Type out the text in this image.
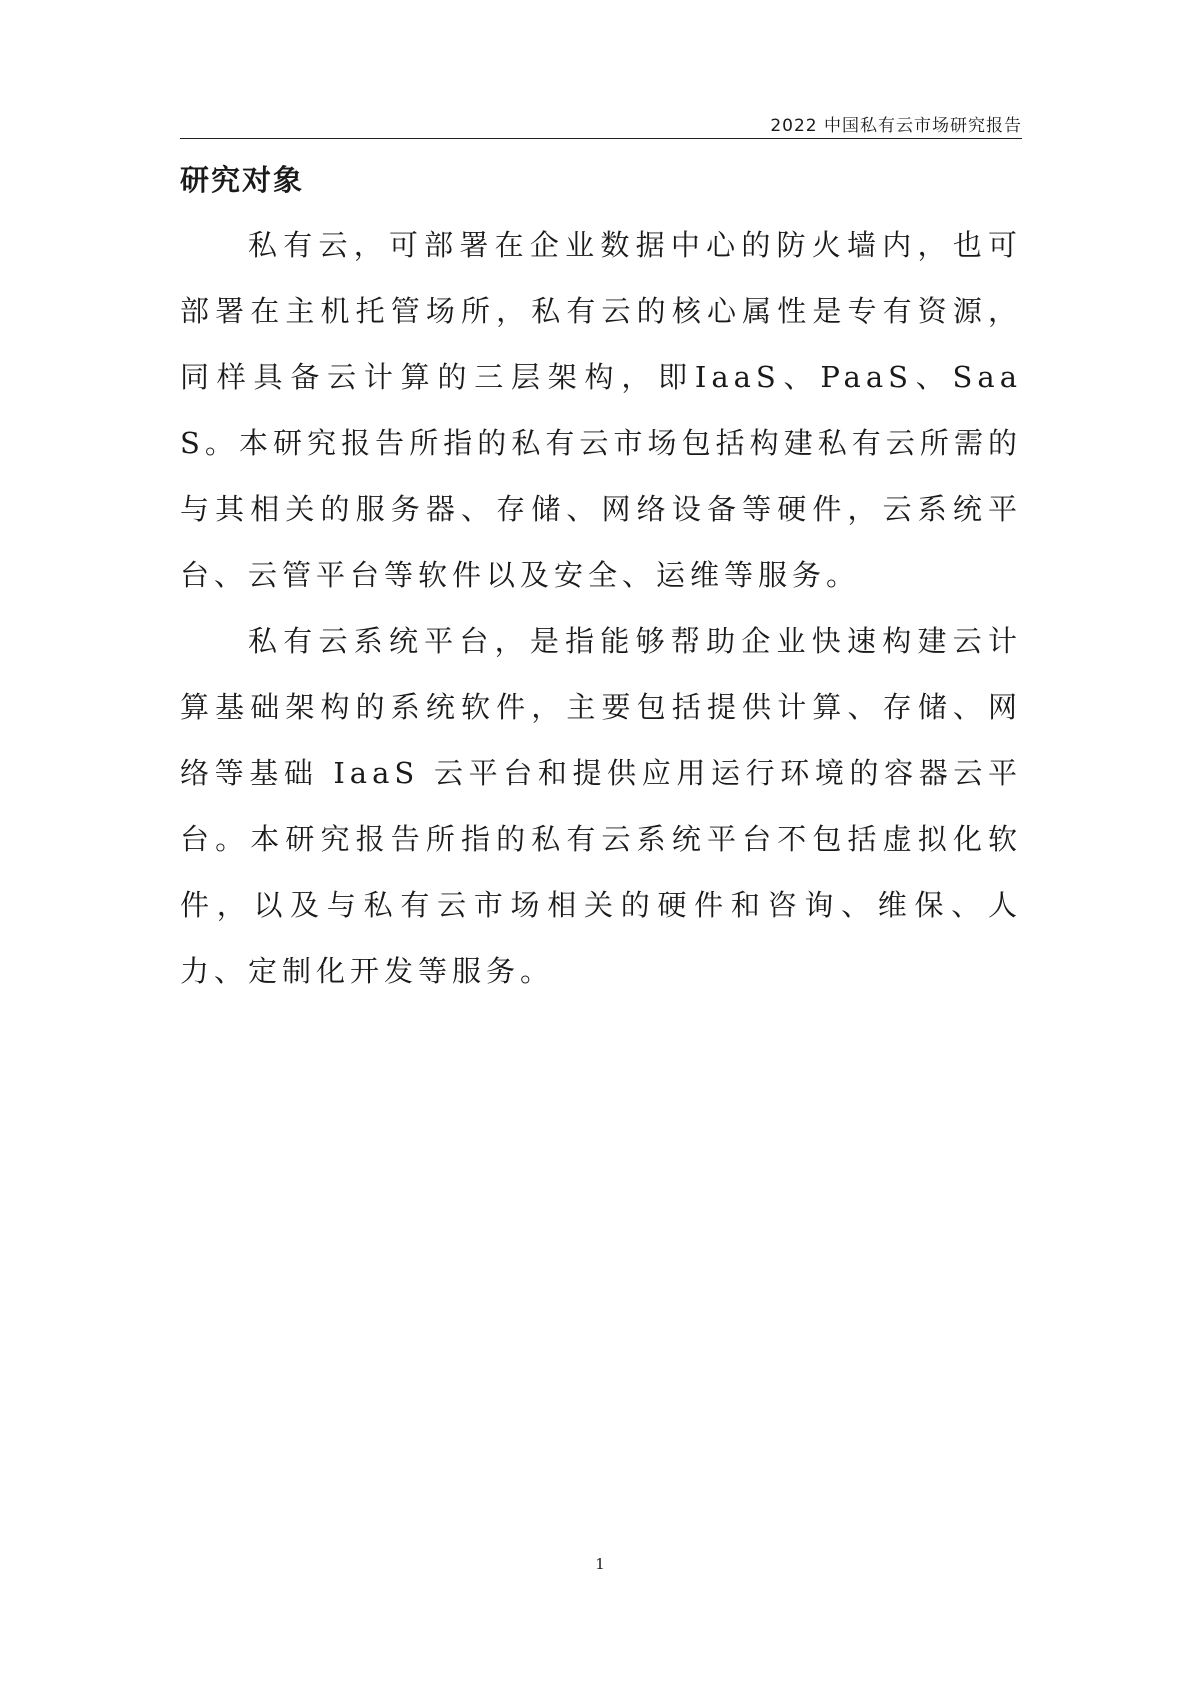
2022 中国私有云市场研究报告
研究对象

私有云，可部署在企业数据中心的防火墙内，也可部署在主机托管场所，私有云的核心属性是专有资源，同样具备云计算的三层架构，即IaaS、PaaS、SaaS。本研究报告所指的私有云市场包括构建私有云所需的与其相关的服务器、存储、网络设备等硬件，云系统平台、云管平台等软件以及安全、运维等服务。

私有云系统平台，是指能够帮助企业快速构建云计算基础架构的系统软件，主要包括提供计算、存储、网络等基础 IaaS 云平台和提供应用运行环境的容器云平台。本研究报告所指的私有云系统平台不包括虚拟化软件，以及与私有云市场相关的硬件和咨询、维保、人力、定制化开发等服务。

1
